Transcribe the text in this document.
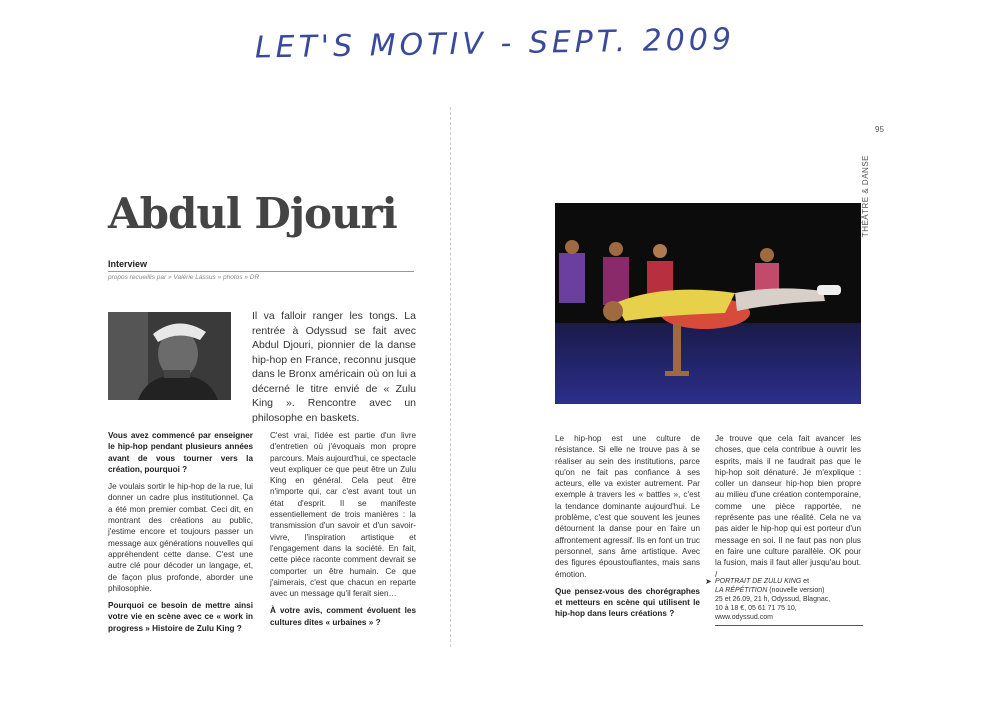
LET'S MOTIV - SEPT. 2009
Abdul Djouri
Interview
propos recueillis par » Valérie Lassus » photos » DR
Il va falloir ranger les tongs. La rentrée à Odyssud se fait avec Abdul Djouri, pionnier de la danse hip-hop en France, reconnu jusque dans le Bronx américain où on lui a décerné le titre envié de « Zulu King ». Rencontre avec un philosophe en baskets.

Vous avez commencé par enseigner le hip-hop pendant plusieurs années avant de vous tourner vers la création, pourquoi ?

Je voulais sortir le hip-hop de la rue, lui donner un cadre plus institutionnel. Ça a été mon premier combat. Ceci dit, en montrant des créations au public, j'estime encore et toujours passer un message aux générations nouvelles qui appréhendent cette danse. C'est une autre clé pour décoder un langage, et, de façon plus profonde, aborder une philosophie.

Pourquoi ce besoin de mettre ainsi votre vie en scène avec ce « work in progress » Histoire de Zulu King ?

C'est vrai, l'idée est partie d'un livre d'entretien où j'évoquais mon propre parcours. Mais aujourd'hui, ce spectacle veut expliquer ce que peut être un Zulu King en général. Cela peut être n'importe qui, car c'est avant tout un état d'esprit. Il se manifeste essentiellement de trois manières : la transmission d'un savoir et d'un savoir-vivre, l'inspiration artistique et l'engagement dans la société. En fait, cette pièce raconte comment devrait se comporter un être humain. Ce que j'aimerais, c'est que chacun en reparte avec un message qu'il ferait sien…

À votre avis, comment évoluent les cultures dites « urbaines » ?

95
THÉÂTRE & DANSE

Le hip-hop est une culture de résistance. Si elle ne trouve pas à se réaliser au sein des institutions, parce qu'on ne fait pas confiance à ses acteurs, elle va exister autrement. Par exemple à travers les « battles », c'est la tendance dominante aujourd'hui. Le problème, c'est que souvent les jeunes détournent la danse pour en faire un affrontement agressif. Ils en font un truc personnel, sans âme artistique. Avec des figures époustouflantes, mais sans émotion.

Que pensez-vous des chorégraphes et metteurs en scène qui utilisent le hip-hop dans leurs créations ?

Je trouve que cela fait avancer les choses, que cela contribue à ouvrir les esprits, mais il ne faudrait pas que le hip-hop soit dénaturé. Je m'explique : coller un danseur hip-hop bien propre au milieu d'une création contemporaine, comme une pièce rapportée, ne représente pas une réalité. Cela ne va pas aider le hip-hop qui est porteur d'un message en soi. Il ne faut pas non plus en faire une culture parallèle. OK pour la fusion, mais il faut aller jusqu'au bout. /

➤ PORTRAIT DE ZULU KING et
LA RÉPÉTITION (nouvelle version)
25 et 26.09, 21 h, Odyssud, Blagnac,
10 à 18 €, 05 61 71 75 10,
www.odyssud.com
